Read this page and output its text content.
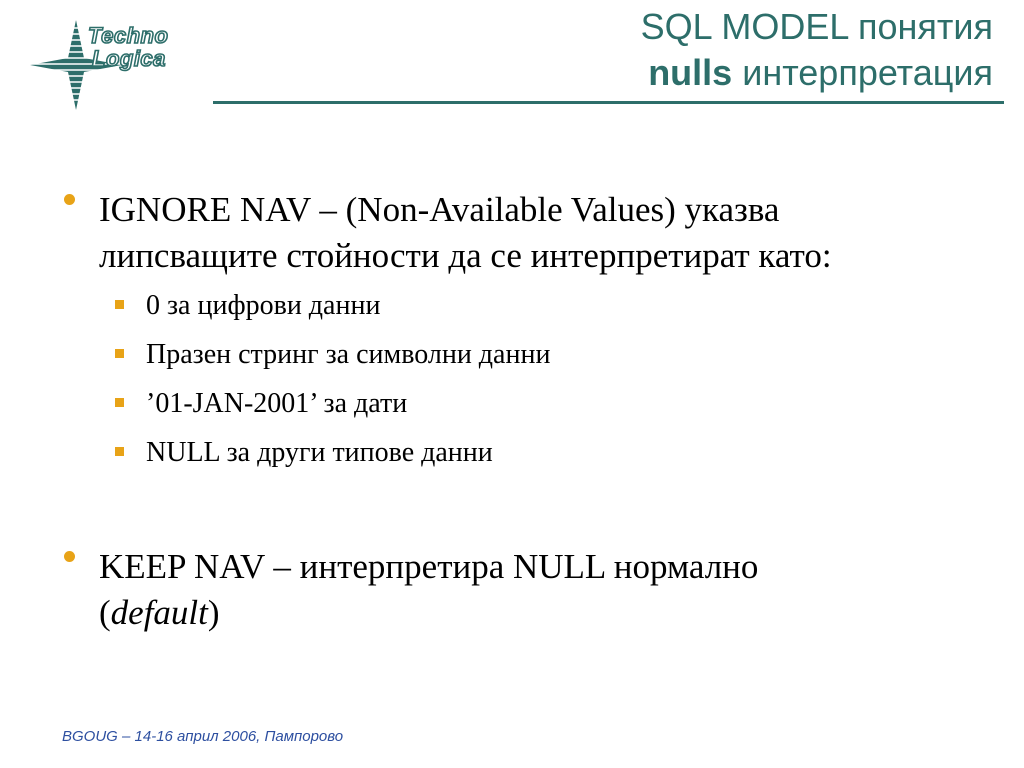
Techno
Logica
SQL MODEL понятия
nulls интерпретация
IGNORE NAV – (Non-Available Values) указва
липсващите стойности да се интерпретират като:
0 за цифрови данни
Празен стринг за символни данни
’01-JAN-2001’ за дати
NULL за други типове данни
KEEP NAV – интерпретира NULL нормално
(default)
BGOUG – 14-16 април 2006, Пампорово
